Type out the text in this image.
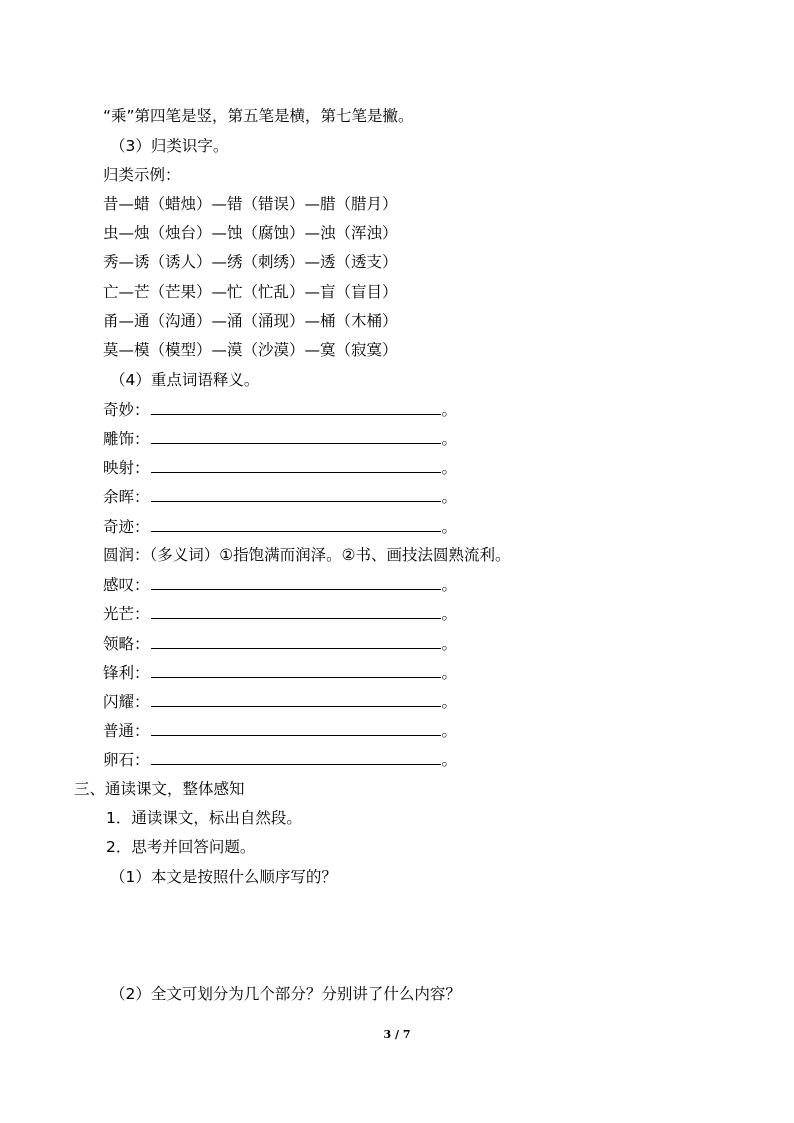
“乘”第四笔是竖，第五笔是横，第七笔是撇。
（3）归类识字。
归类示例：
昔—蜡（蜡烛）—错（错误）—腊（腊月）
虫—烛（烛台）—蚀（腐蚀）—浊（浑浊）
秀—诱（诱人）—绣（刺绣）—透（透支）
亡—芒（芒果）—忙（忙乱）—盲（盲目）
甬—通（沟通）—涌（涌现）—桶（木桶）
莫—模（模型）—漠（沙漠）—寞（寂寞）
（4）重点词语释义。
奇妙：	。
雕饰：	。
映射：	。
余晖：	。
奇迹：	。
圆润：（多义词）①指饱满而润泽。②书、画技法圆熟流利。
感叹：	。
光芒：	。
领略：	。
锋利：	。
闪耀：	。
普通：	。
卵石：	。
三、通读课文，整体感知
1．通读课文，标出自然段。
2．思考并回答问题。
（1）本文是按照什么顺序写的？
（2）全文可划分为几个部分？分别讲了什么内容？
3 / 7
